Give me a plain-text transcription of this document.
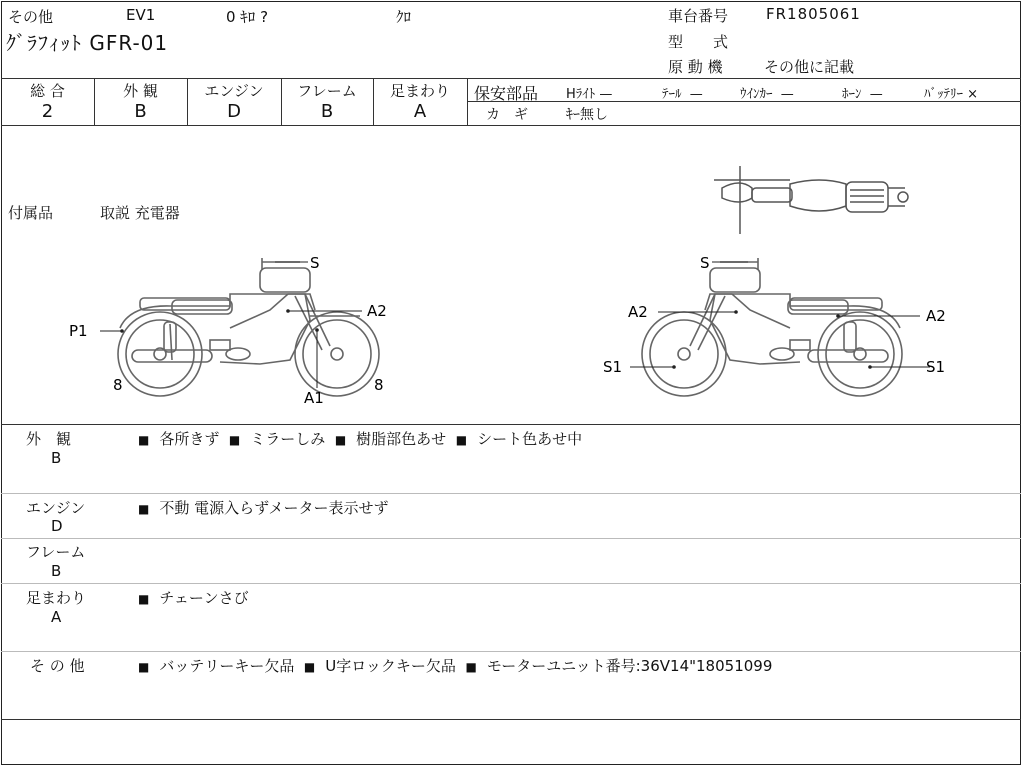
その他	EV1	0 ｷﾛ ?	ｸﾛ
ｸﾞﾗﾌｨｯﾄ GFR-01
車台番号	FR1805061
型　　式
原 動 機	その他に記載
総 合	外 観	エンジン	フレーム	足まわり
2	B	D	B	A
保安部品 Hﾗｲﾄ —	ﾃｰﾙ —	ｳｲﾝｶｰ —	ﾎｰﾝ —	ﾊﾞｯﾃﾘｰ ×
カ　ギ	ｷｰ無し
付属品	取説 充電器
S
A2
P1
A1
8	8
S
A2	A2
S1	S1
外　観
B
■ 各所きず ■ ミラーしみ ■ 樹脂部色あせ ■ シート色あせ中
エンジン
D
■ 不動 電源入らずメーター表示せず
フレーム
B
足まわり
A
■ チェーンさび
そ の 他	■ バッテリーキー欠品 ■ U字ロックキー欠品 ■ モーターユニット番号:36V14"18051099
